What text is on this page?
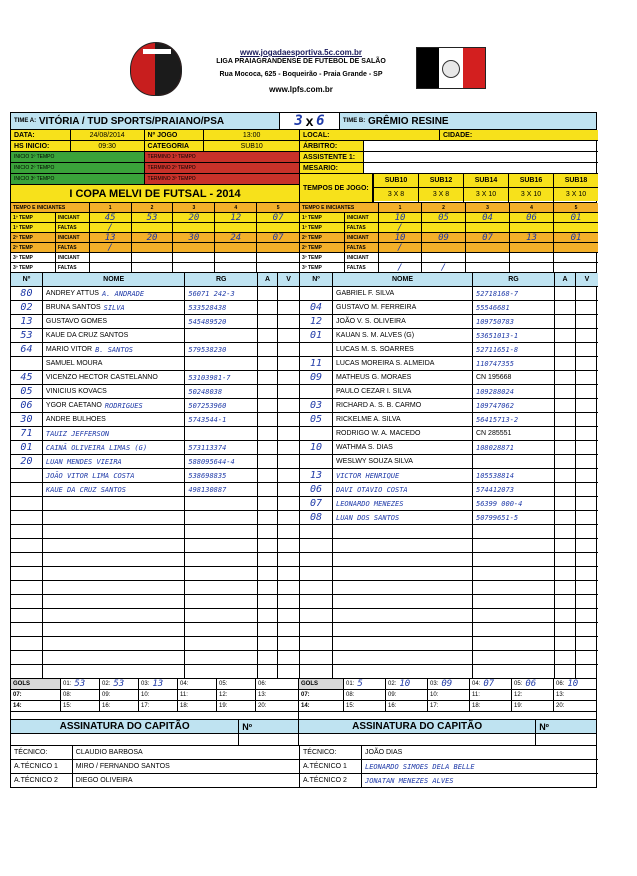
www.jogadaesportiva.5c.com.br
LIGA PRAIAGRANDENSE DE FUTEBOL DE SALÃO
Rua Mococa, 625 - Boqueirão - Praia Grande - SP
www.lpfs.com.br
TIME A:
VITÓRIA / TUD SPORTS/PRAIANO/PSA	3
x
6	TIME B:
GRÊMIO RESINE
DATA:	24/08/2014	Nº JOGO	13:00
HS INICIO:	09:30	CATEGORIA	SUB10
INICIO 1º TEMPO	TERMINO 1º TEMPO
INICIO 2º TEMPO	TERMINO 2º TEMPO
INICIO 3º TEMPO	TERMINO 3º TEMPO
I COPA MELVI DE FUTSAL - 2014
LOCAL:	CIDADE:
ÁRBITRO:
ASSISTENTE 1:
MESARIO:
TEMPOS DE JOGO:
SUB10
3 X 8
SUB12
3 X 8
SUB14
3 X 10
SUB16
3 X 10
SUB18
3 X 10
TEMPO E INICIANTES	1	2	3	4	5
1º TEMP	INICIANT	45	53	20	12	07
1º TEMP	FALTAS	/
2º TEMP	INICIANT	13	20	30	24	07
2º TEMP	FALTAS	/
3º TEMP	INICIANT
3º TEMP	FALTAS
TEMPO E INICIANTES	1	2	3	4	5
1º TEMP	INICIANT	10	05	04	06	01
1º TEMP	FALTAS	/
2º TEMP	INICIANT	10	09	07	13	01
2º TEMP	FALTAS	/
3º TEMP	INICIANT
3º TEMP	FALTAS	/	/
Nº	NOME	RG	A	V
80	ANDREY ATTUS A. ANDRADE	56071 242-3
02	BRUNA SANTOS SILVA	533528438
13	GUSTAVO GOMES	545489520
53	KAUE DA CRUZ SANTOS
64	MARIO VITOR B. SANTOS	579538230
SAMUEL MOURA
45	VICENZO HECTOR CASTELANNO	53103981-7
05	VINICIUS KOVACS	50248038
06	YGOR CAETANO RODRIGUES	507253960
30	ANDRE BULHOES	5743544-1
71	TAUIZ JEFFERSON
01	CAINÃ OLIVEIRA LIMAS (G)	573113374
20	LUAN MENDES VIEIRA	588095644-4
JOÃO VITOR LIMA COSTA	538698835
KAUE DA CRUZ SANTOS	498130887
Nº	NOME	RG	A	V
GABRIEL F. SILVA	52718168-7
04	GUSTAVO M. FERREIRA	55546681
12	JOÃO V. S. OLIVEIRA	109750783
01	KAUAN S. M. ALVES (G)	53651013-1
LUCAS M. S. SOARRES	52711651-8
11	LUCAS MOREIRA S. ALMEIDA	110747355
09	MATHEUS G. MORAES	CN 195668
PAULO CEZAR I. SILVA	109288024
03	RICHARD A. S. B. CARMO	109747062
05	RICKELME A. SILVA	56415713-2
RODRIGO W. A. MACEDO	CN 285551
10	WATHMA S. DIAS	108028871
WESLWY SOUZA SILVA
13	VICTOR HENRIQUE	105538814
06	DAVI OTAVIO COSTA	574412073
07	LEONARDO MENEZES	56399 000-4
08	LUAN DOS SANTOS	50799651-5
GOLS	01: 53	02: 53	03: 13	04:	05:	06:
07:	08:	09:	10:	11:	12:	13:
14:	15:	16:	17:	18:	19:	20:
GOLS	01: 5	02: 10	03: 09	04: 07	05: 06	06: 10
07:	08:	09:	10:	11:	12:	13:
14:	15:	16:	17:	18:	19:	20:
ASSINATURA DO CAPITÃO	Nº	ASSINATURA DO CAPITÃO	Nº
TÉCNICO:	CLAUDIO BARBOSA
A.TÉCNICO 1	MIRO / FERNANDO SANTOS
A.TÉCNICO 2	DIEGO OLIVEIRA
TÉCNICO:	JOÃO DIAS
A.TÉCNICO 1	LEONARDO SIMOES DELA BELLE
A.TÉCNICO 2	JONATAN MENEZES ALVES
